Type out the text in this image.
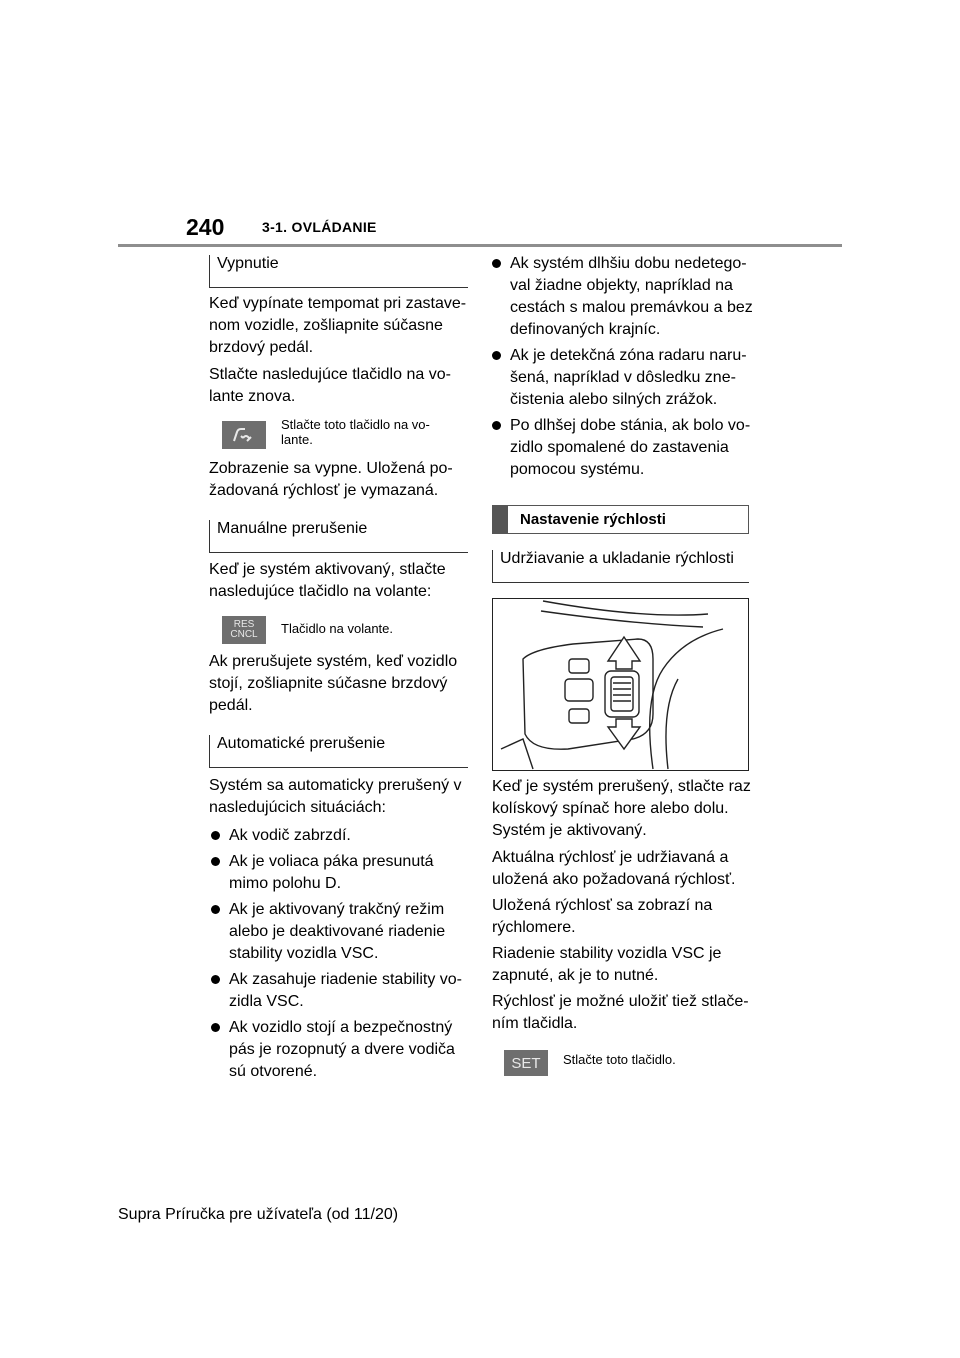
240	3-1. OVLÁDANIE
Vypnutie
Keď vypínate tempomat pri zastave-nom vozidle, zošliapnite súčasne brzdový pedál.
Stlačte nasledujúce tlačidlo na vo-lante znova.
Stlačte toto tlačidlo na vo-lante.
Zobrazenie sa vypne. Uložená po-žadovaná rýchlosť je vymazaná.
Manuálne prerušenie
Keď je systém aktivovaný, stlačte nasledujúce tlačidlo na volante:
RES
CNCL Tlačidlo na volante.
Ak prerušujete systém, keď vozidlo stojí, zošliapnite súčasne brzdový pedál.
Automatické prerušenie
Systém sa automaticky prerušený v nasledujúcich situáciách:
Ak vodič zabrzdí.
Ak je voliaca páka presunutá mimo polohu D.
Ak je aktivovaný trakčný režim alebo je deaktivované riadenie stability vozidla VSC.
Ak zasahuje riadenie stability vo-zidla VSC.
Ak vozidlo stojí a bezpečnostný pás je rozopnutý a dvere vodiča sú otvorené.
Ak systém dlhšiu dobu nedetego-val žiadne objekty, napríklad na cestách s malou premávkou a bez definovaných krajníc.
Ak je detekčná zóna radaru naru-šená, napríklad v dôsledku zne-čistenia alebo silných zrážok.
Po dlhšej dobe stánia, ak bolo vo-zidlo spomalené do zastavenia pomocou systému.
Nastavenie rýchlosti
Udržiavanie a ukladanie rýchlosti
Keď je systém prerušený, stlačte raz kolískový spínač hore alebo dolu. Systém je aktivovaný.
Aktuálna rýchlosť je udržiavaná a uložená ako požadovaná rýchlosť.
Uložená rýchlosť sa zobrazí na rýchlomere.
Riadenie stability vozidla VSC je zapnuté, ak je to nutné.
Rýchlosť je možné uložiť tiež stlače-ním tlačidla.
SET	Stlačte toto tlačidlo.
Supra Príručka pre užívateľa (od 11/20)
